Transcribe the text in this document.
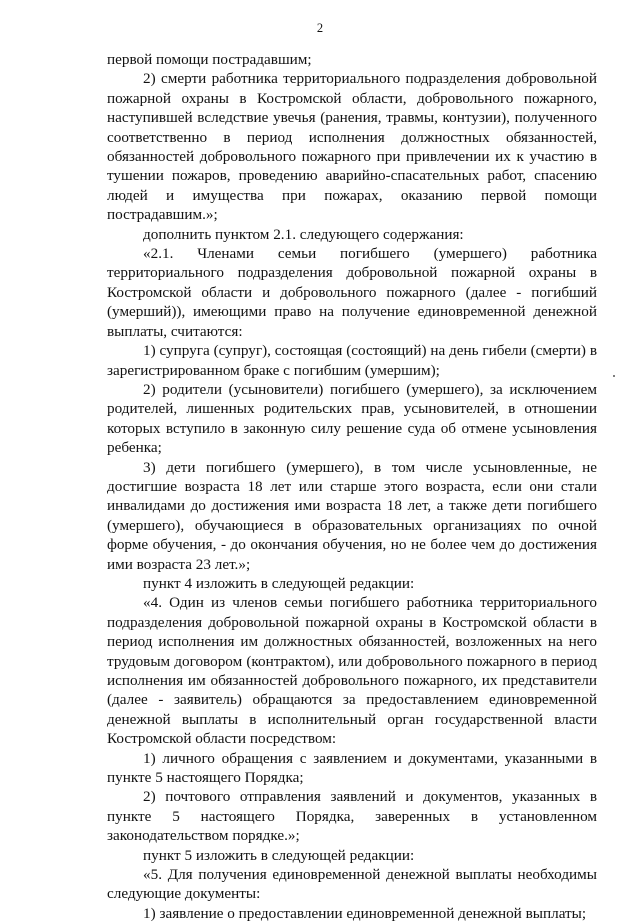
2

первой помощи пострадавшим;

2) смерти работника территориального подразделения добровольной пожарной охраны в Костромской области, добровольного пожарного, наступившей вследствие увечья (ранения, травмы, контузии), полученного соответственно в период исполнения должностных обязанностей, обязанностей добровольного пожарного при привлечении их к участию в тушении пожаров, проведению аварийно-спасательных работ, спасению людей и имущества при пожарах, оказанию первой помощи пострадавшим.»;

дополнить пунктом 2.1. следующего содержания:

«2.1. Членами семьи погибшего (умершего) работника территориального подразделения добровольной пожарной охраны в Костромской области и добровольного пожарного (далее - погибший (умерший)), имеющими право на получение единовременной денежной выплаты, считаются:

1) супруга (супруг), состоящая (состоящий) на день гибели (смерти) в зарегистрированном браке с погибшим (умершим);

2) родители (усыновители) погибшего (умершего), за исключением родителей, лишенных родительских прав, усыновителей, в отношении которых вступило в законную силу решение суда об отмене усыновления ребенка;

3) дети погибшего (умершего), в том числе усыновленные, не достигшие возраста 18 лет или старше этого возраста, если они стали инвалидами до достижения ими возраста 18 лет, а также дети погибшего (умершего), обучающиеся в образовательных организациях по очной форме обучения, - до окончания обучения, но не более чем до достижения ими возраста 23 лет.»;

пункт 4 изложить в следующей редакции:

«4. Один из членов семьи погибшего работника территориального подразделения добровольной пожарной охраны в Костромской области в период исполнения им должностных обязанностей, возложенных на него трудовым договором (контрактом), или добровольного пожарного в период исполнения им обязанностей добровольного пожарного, их представители (далее - заявитель) обращаются за предоставлением единовременной денежной выплаты в исполнительный орган государственной власти Костромской области посредством:

1) личного обращения с заявлением и документами, указанными в пункте 5 настоящего Порядка;

2) почтового отправления заявлений и документов, указанных в пункте 5 настоящего Порядка, заверенных в установленном законодательством порядке.»;

пункт 5 изложить в следующей редакции:

«5. Для получения единовременной денежной выплаты необходимы следующие документы:

1) заявление о предоставлении единовременной денежной выплаты;
